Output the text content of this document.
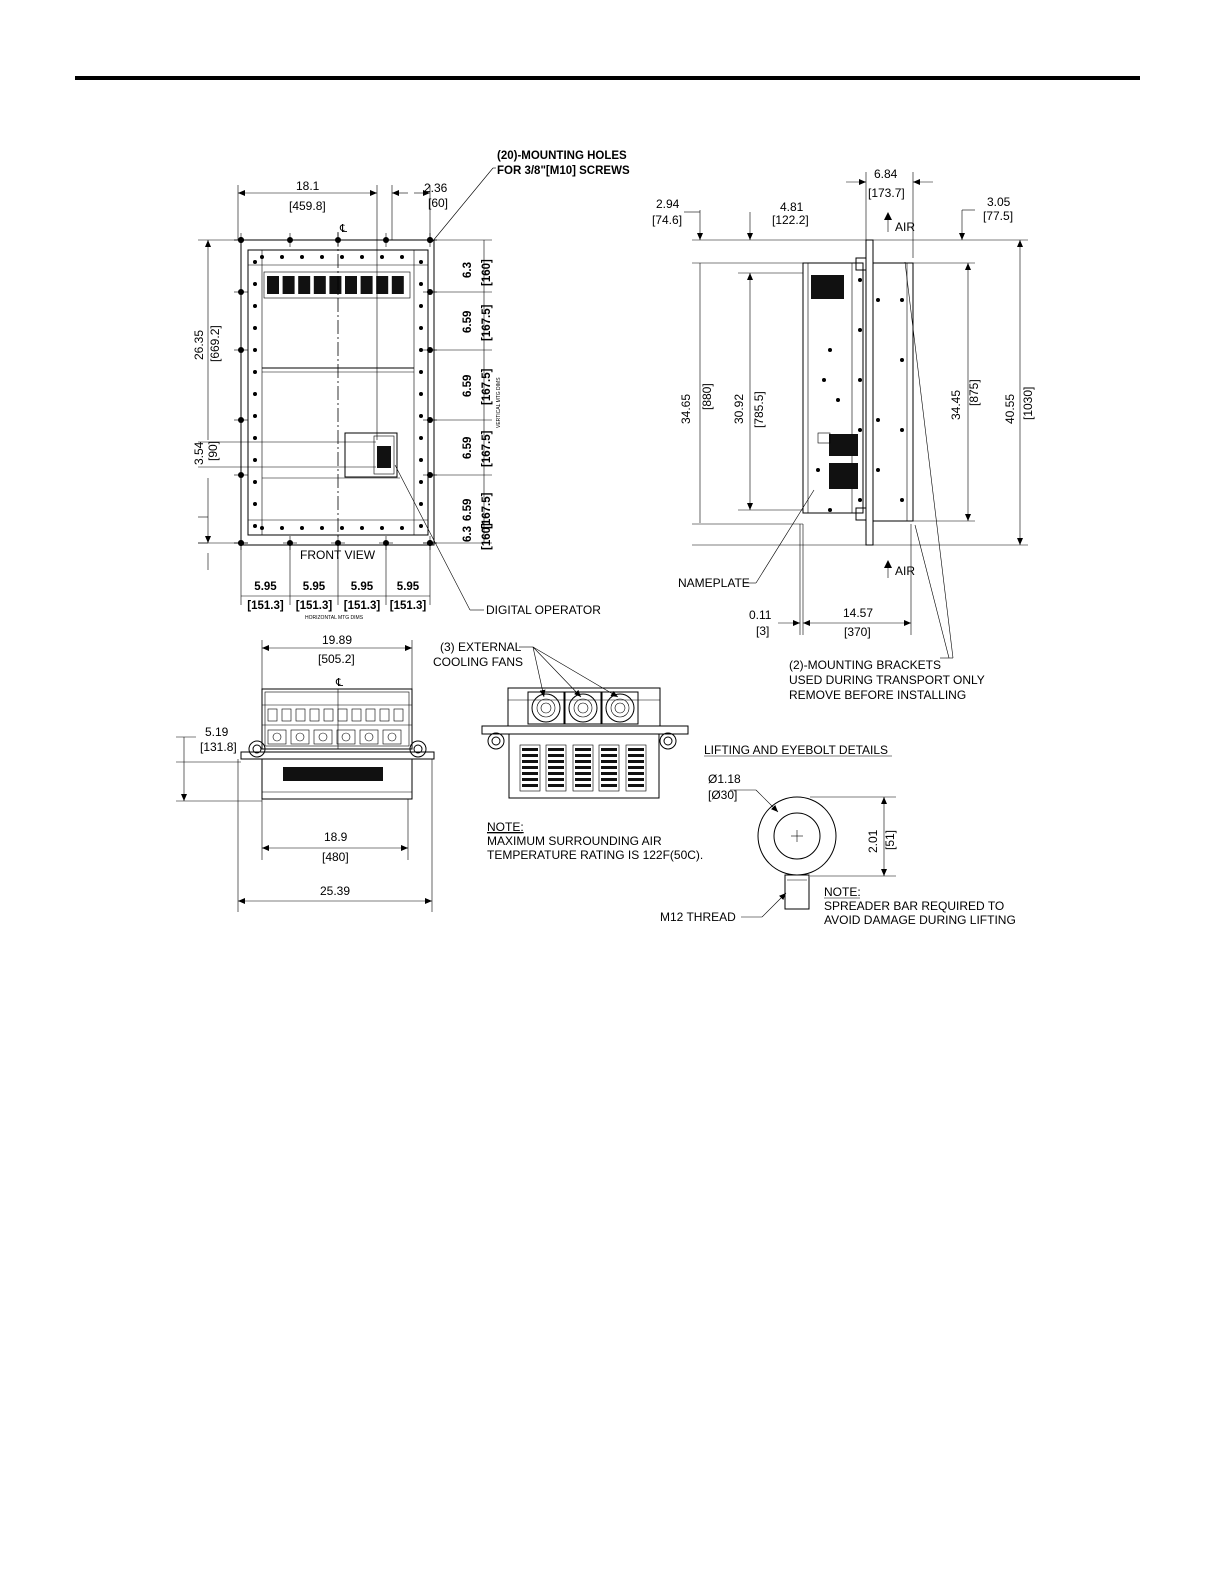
℄
18.1
[459.8]
2.36
[60]
(20)-MOUNTING HOLES
FOR 3/8"[M10] SCREWS
26.35 [669.2]
3.54 [90]
6.3 [160]
6.59 [167.5]
6.59 [167.5]
6.59 [167.5]
6.59 [167.5]
6.3 [160]
VERTICAL MTG DIMS
5.95
[151.3]
5.95
[151.3]
5.95
[151.3]
5.95
[151.3]
FRONT VIEW
HORIZONTAL MTG DIMS
DIGITAL OPERATOR
6.84
[173.7]
2.94
[74.6]
4.81
[122.2]
3.05
[77.5]
34.65 [880] 30.92 [785.5]	34.45 [875]
40.55 [1030]
AIR
AIR
NAMEPLATE
0.11
[3]
14.57
[370]
(2)-MOUNTING BRACKETS
USED DURING TRANSPORT ONLY
REMOVE BEFORE INSTALLING
℄
19.89
[505.2]
5.19
[131.8]
18.9
[480]
25.39
(3) EXTERNAL
COOLING FANS
NOTE:
MAXIMUM SURROUNDING AIR
TEMPERATURE RATING IS 122F(50C).
LIFTING AND EYEBOLT DETAILS
Ø1.18
[Ø30]
2.01 [51]
M12 THREAD
NOTE:
SPREADER BAR REQUIRED TO
AVOID DAMAGE DURING LIFTING
